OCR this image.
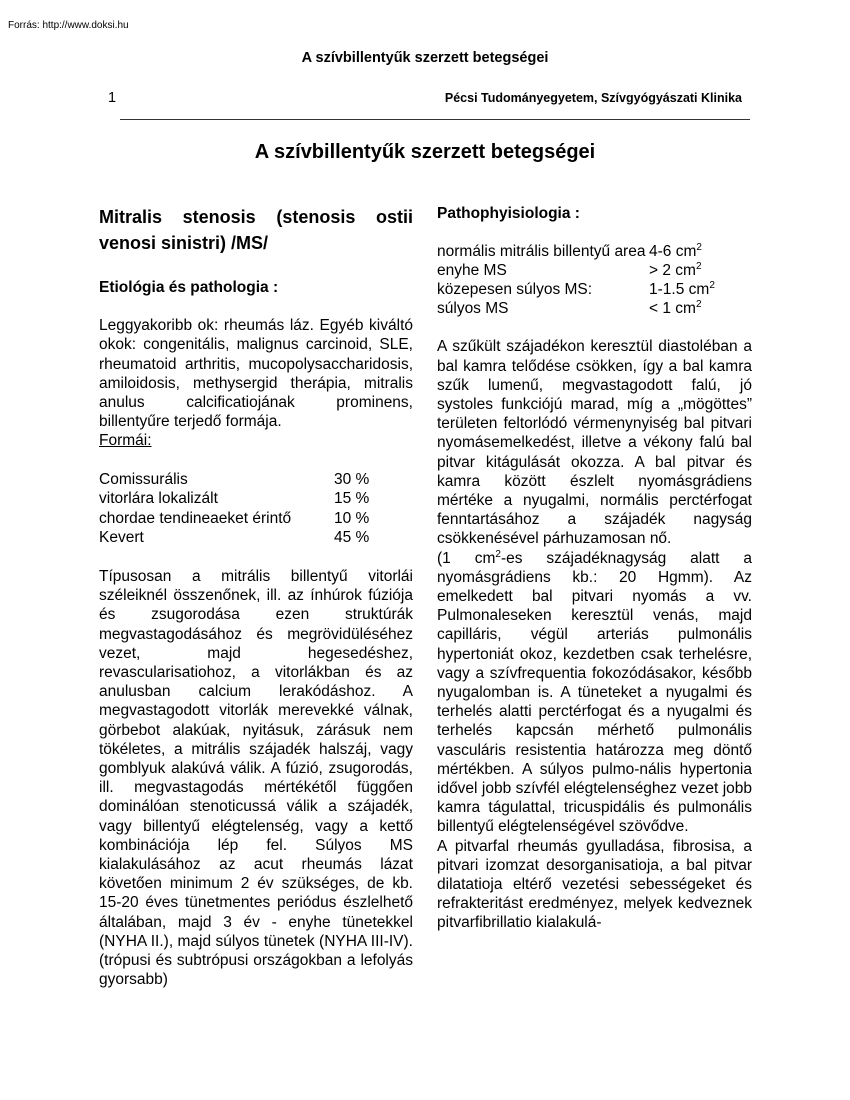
Forrás: http://www.doksi.hu
A szívbillentyűk szerzett betegségei
1	Pécsi Tudományegyetem, Szívgyógyászati Klinika
A szívbillentyűk szerzett betegségei

Mitralis stenosis (stenosis ostii venosi sinistri) /MS/

Etiológia és pathologia :

Leggyakoribb ok: rheumás láz. Egyéb kiváltó okok: congenitális, malignus carcinoid, SLE, rheumatoid arthritis, mucopolysaccharidosis, amiloidosis, methysergid therápia, mitralis anulus calcificatiojának prominens, billentyűre terjedő formája.

Formái:

Comissurális	30 %
vitorlára lokalizált	15 %
chordae tendineaeket érintő	10 %
Kevert	45 %

Típusosan a mitrális billentyű vitorlái széleiknél összenőnek, ill. az ínhúrok fúziója és zsugorodása ezen struktúrák megvastagodásához és megrövidüléséhez vezet, majd hegesedéshez, revascularisatiohoz, a vitorlákban és az anulusban calcium lerakódáshoz. A megvastagodott vitorlák merevekké válnak, görbebot alakúak, nyitásuk, zárásuk nem tökéletes, a mitrális szájadék halszáj, vagy gomblyuk alakúvá válik. A fúzió, zsugorodás, ill. megvastagodás mértékétől függően dominálóan stenoticussá válik a szájadék, vagy billentyű elégtelenség, vagy a kettő kombinációja lép fel. Súlyos MS kialakulásához az acut rheumás lázat követően minimum 2 év szükséges, de kb. 15-20 éves tünetmentes periódus észlelhető általában, majd 3 év - enyhe tünetekkel (NYHA II.), majd súlyos tünetek (NYHA III-IV). (trópusi és subtrópusi országokban a lefolyás gyorsabb)

Pathophyisiologia :

normális mitrális billentyű area	4-6 $cm^2$
enyhe MS	> 2 $cm^2$
közepesen súlyos MS:	1-1.5 $cm^2$
súlyos MS	< 1 $cm^2$

A szűkült szájadékon keresztül diastoléban a bal kamra telődése csökken, így a bal kamra szűk lumenű, megvastagodott falú, jó systoles funkciójú marad, míg a „mögöttes” területen feltorlódó vérmenynyiség bal pitvari nyomásemelkedést, illetve a vékony falú bal pitvar kitágulását okozza. A bal pitvar és kamra között észlelt nyomásgrádiens mértéke a nyugalmi, normális perctérfogat fenntartásához a szájadék nagyság csökkenésével párhuzamosan nő.

(1 $cm^2-es$ szájadéknagyság alatt a nyomásgrádiens kb.: 20 Hgmm). Az emelkedett bal pitvari nyomás a vv. Pulmonaleseken keresztül venás, majd capilláris, végül arteriás pulmonális hypertoniát okoz, kezdetben csak terhelésre, vagy a szívfrequentia fokozódásakor, később nyugalomban is. A tüneteket a nyugalmi és terhelés alatti perctérfogat és a nyugalmi és terhelés kapcsán mérhető pulmonális vasculáris resistentia határozza meg döntő mértékben. A súlyos pulmo-nális hypertonia idővel jobb szívfél elégtelenséghez vezet jobb kamra tágulattal, tricuspidális és pulmonális billentyű elégtelenségével szövődve.

A pitvarfal rheumás gyulladása, fibrosisa, a pitvari izomzat desorganisatioja, a bal pitvar dilatatioja eltérő vezetési sebességeket és refrakteritást eredményez, melyek kedveznek pitvarfibrillatio kialakulá-
